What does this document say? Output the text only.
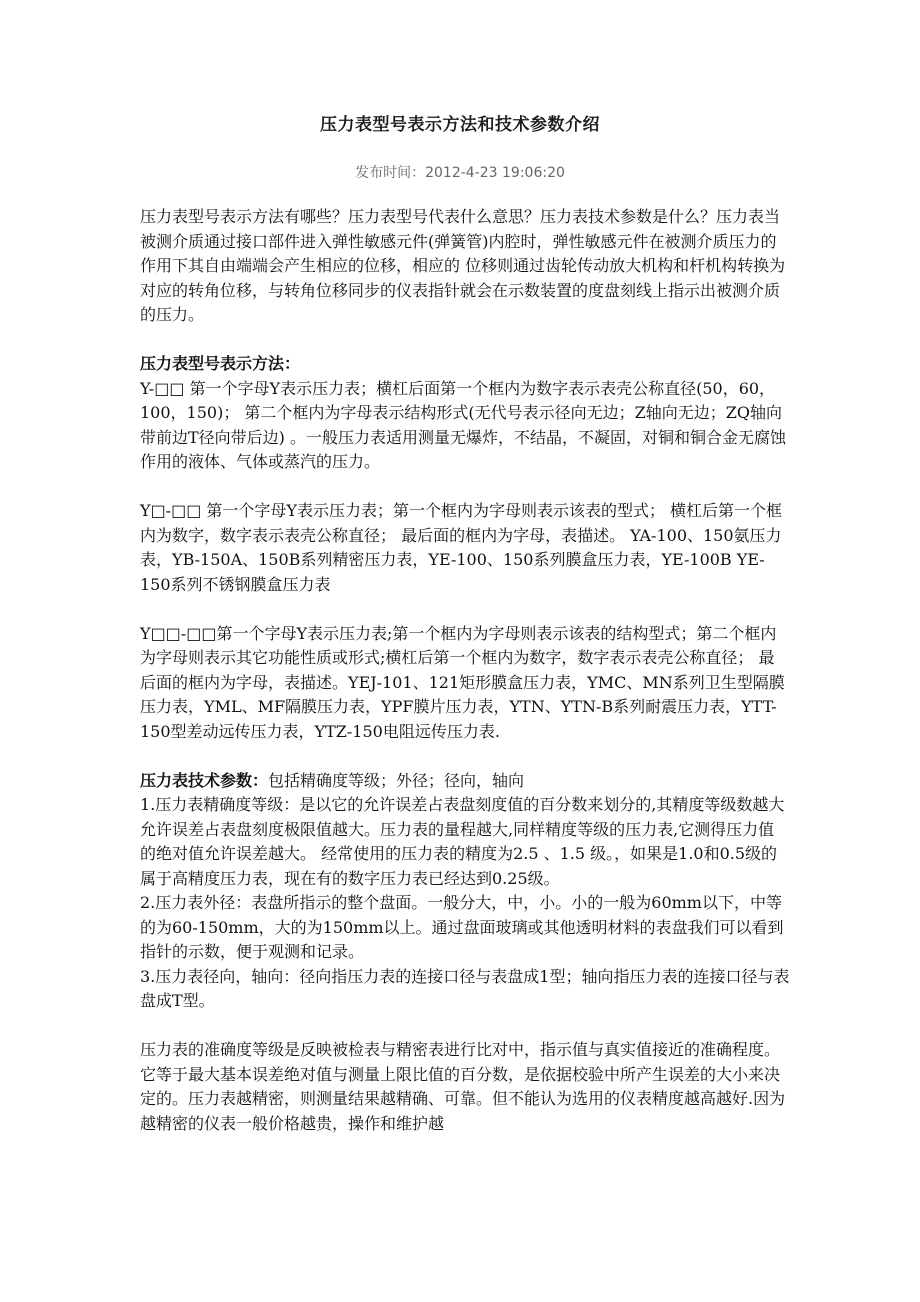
压力表型号表示方法和技术参数介绍
发布时间：2012-4-23 19:06:20

压力表型号表示方法有哪些？压力表型号代表什么意思？压力表技术参数是什么？压力表当被测介质通过接口部件进入弹性敏感元件(弹簧管)内腔时，弹性敏感元件在被测介质压力的作用下其自由端端会产生相应的位移，相应的 位移则通过齿轮传动放大机构和杆机构转换为对应的转角位移，与转角位移同步的仪表指针就会在示数装置的度盘刻线上指示出被测介质的压力。

压力表型号表示方法：

Y-□□ 第一个字母Y表示压力表；横杠后面第一个框内为数字表示表壳公称直径(50，60，100，150)； 第二个框内为字母表示结构形式(无代号表示径向无边；Z轴向无边；ZQ轴向带前边T径向带后边) 。一般压力表适用测量无爆炸，不结晶，不凝固，对铜和铜合金无腐蚀作用的液体、气体或蒸汽的压力。

Y□-□□ 第一个字母Y表示压力表；第一个框内为字母则表示该表的型式； 横杠后第一个框内为数字，数字表示表壳公称直径； 最后面的框内为字母，表描述。 YA-100、150氨压力表，YB-150A、150B系列精密压力表，YE-100、150系列膜盒压力表，YE-100B YE-150系列不锈钢膜盒压力表

Y□□-□□第一个字母Y表示压力表;第一个框内为字母则表示该表的结构型式；第二个框内为字母则表示其它功能性质或形式;横杠后第一个框内为数字，数字表示表壳公称直径； 最后面的框内为字母，表描述。YEJ-101、121矩形膜盒压力表，YMC、MN系列卫生型隔膜压力表，YML、MF隔膜压力表，YPF膜片压力表，YTN、YTN-B系列耐震压力表，YTT-150型差动远传压力表，YTZ-150电阻远传压力表.

压力表技术参数：包括精确度等级；外径；径向，轴向

1.压力表精确度等级：是以它的允许误差占表盘刻度值的百分数来划分的,其精度等级数越大允许误差占表盘刻度极限值越大。压力表的量程越大,同样精度等级的压力表,它测得压力值的绝对值允许误差越大。 经常使用的压力表的精度为2.5 、1.5 级。，如果是1.0和0.5级的属于高精度压力表，现在有的数字压力表已经达到0.25级。

2.压力表外径：表盘所指示的整个盘面。一般分大，中，小。小的一般为60mm以下，中等的为60-150mm，大的为150mm以上。通过盘面玻璃或其他透明材料的表盘我们可以看到指针的示数，便于观测和记录。

3.压力表径向，轴向：径向指压力表的连接口径与表盘成1型；轴向指压力表的连接口径与表盘成T型。

压力表的准确度等级是反映被检表与精密表进行比对中，指示值与真实值接近的准确程度。它等于最大基本误差绝对值与测量上限比值的百分数，是依据校验中所产生误差的大小来决定的。压力表越精密，则测量结果越精确、可靠。但不能认为选用的仪表精度越高越好.因为越精密的仪表一般价格越贵，操作和维护越
